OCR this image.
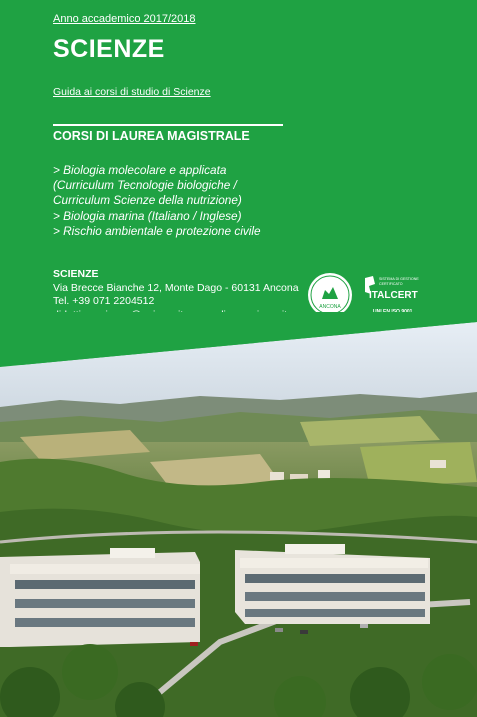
Anno accademico 2017/2018
SCIENZE
Guida ai corsi di studio di Scienze
CORSI DI LAUREA MAGISTRALE
> Biologia molecolare e applicata
(Curriculum Tecnologie biologiche /
Curriculum Scienze della nutrizione)
> Biologia marina (Italiano / Inglese)
> Rischio ambientale e protezione civile
SCIENZE
Via Brecce Bianche 12, Monte Dago - 60131 Ancona
Tel. +39 071 2204512	ANCONA
SISTEMA DI GESTIONE
CERTIFICATO
ITALCERT
